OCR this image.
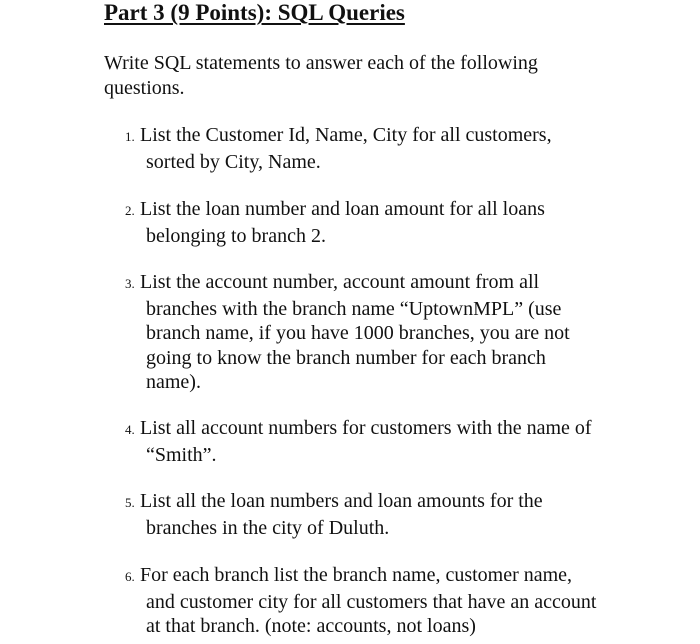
Part 3 (9 Points): SQL Queries
Write SQL statements to answer each of the following questions.
1. List the Customer Id, Name, City for all customers, sorted by City, Name.
2. List the loan number and loan amount for all loans belonging to branch 2.
3. List the account number, account amount from all branches with the branch name “UptownMPL” (use branch name, if you have 1000 branches, you are not going to know the branch number for each branch name).
4. List all account numbers for customers with the name of “Smith”.
5. List all the loan numbers and loan amounts for the branches in the city of Duluth.
6. For each branch list the branch name, customer name, and customer city for all customers that have an account at that branch. (note: accounts, not loans)
